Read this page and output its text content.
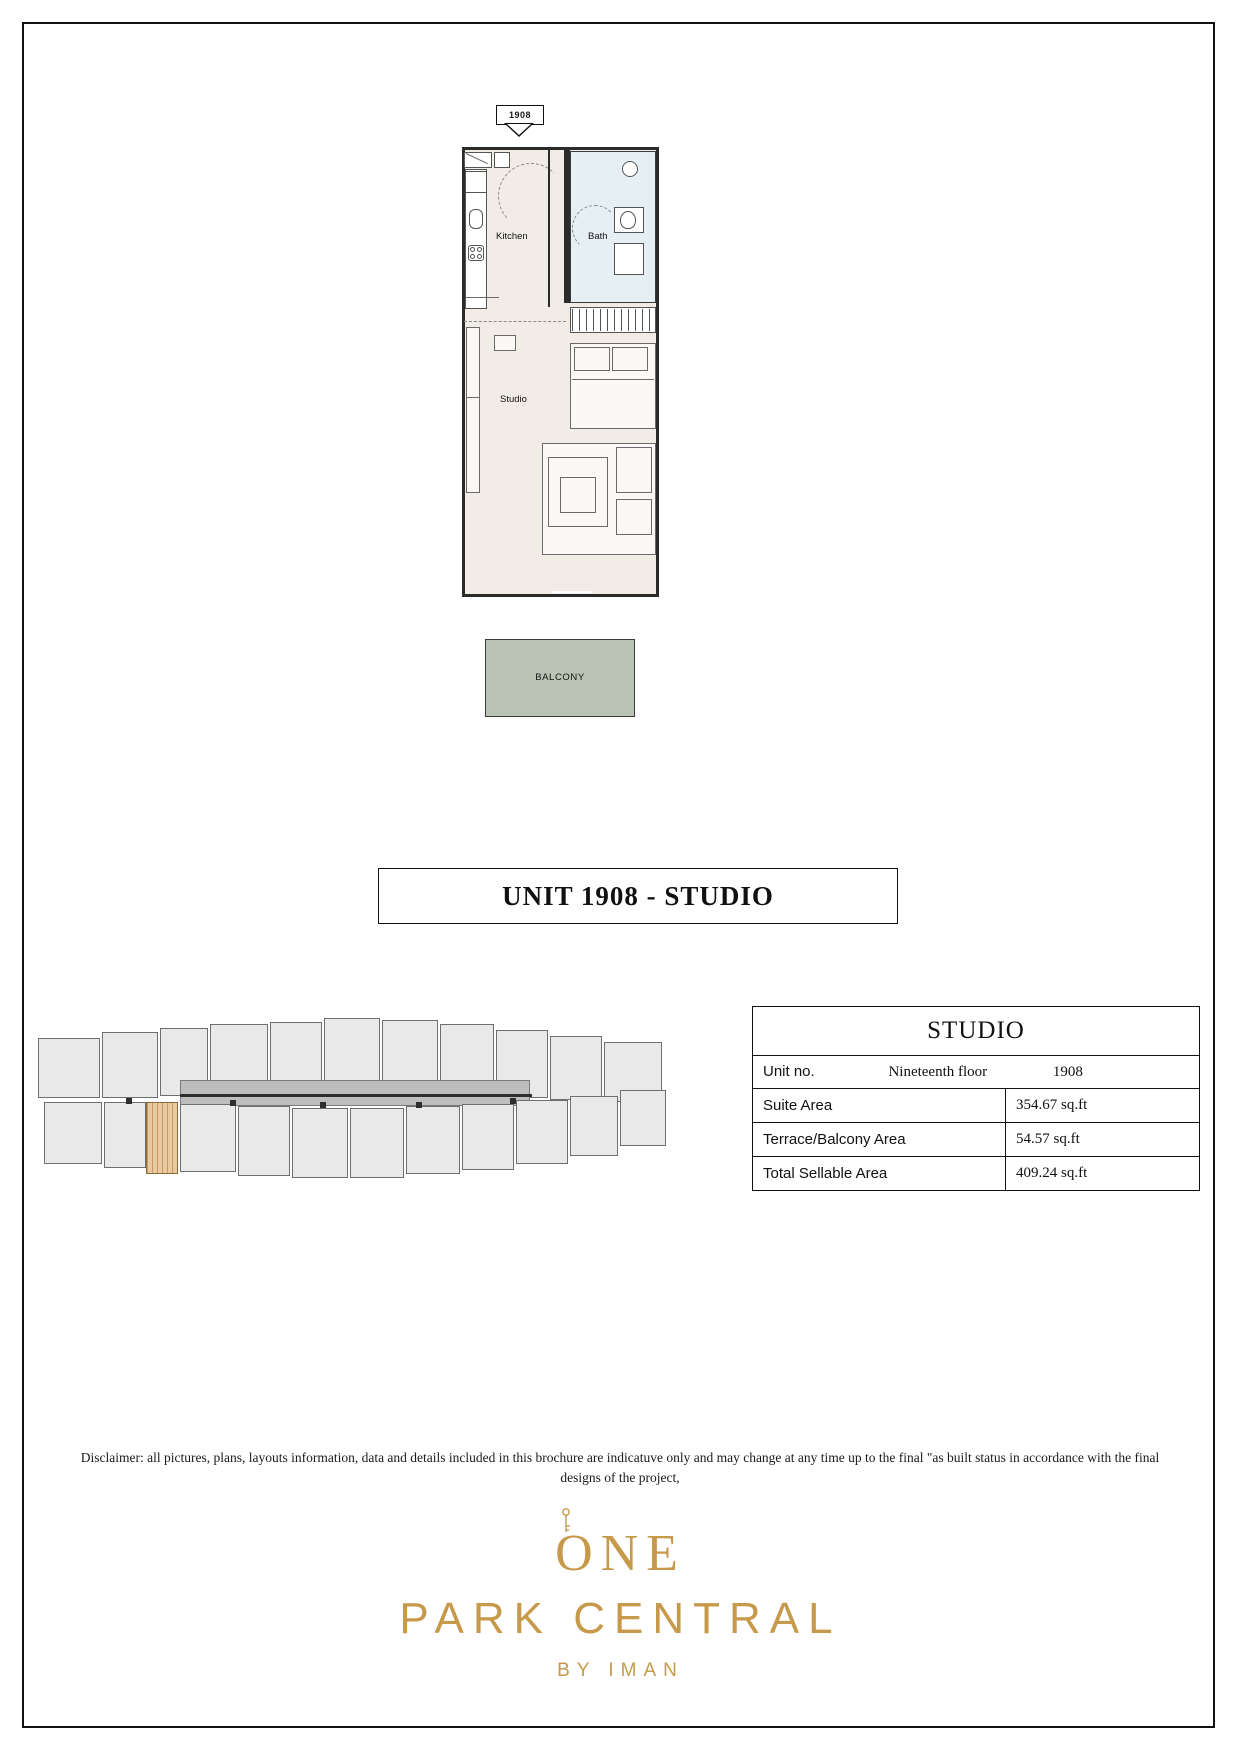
1908
Kitchen	Bath
Studio
BALCONY
UNIT 1908 - STUDIO
STUDIO	
Unit no. Nineteenth floor 1908	
Suite Area	354.67 sq.ft
Terrace/Balcony Area	54.57 sq.ft
Total Sellable Area	409.24 sq.ft
Disclaimer: all pictures, plans, layouts information, data and details included in this brochure are indicatuve only and may change at any time up to the final "as built status in accordance with the final designs of the project,
ONE
PARK CENTRAL
BY IMAN
